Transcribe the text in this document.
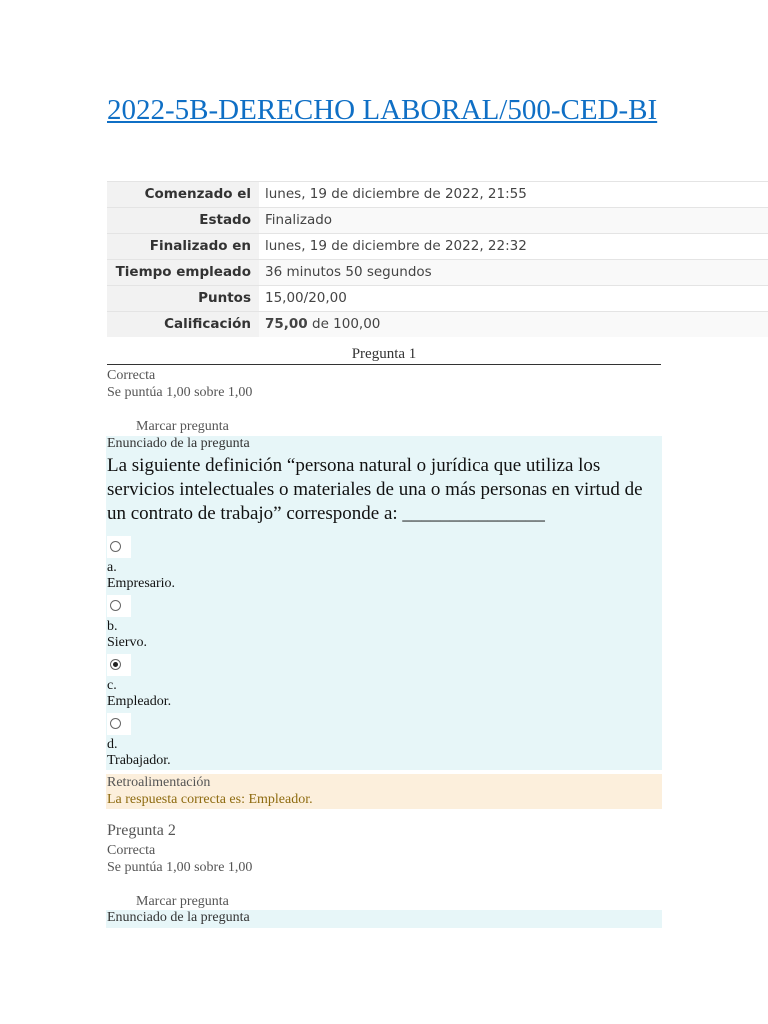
2022-5B-DERECHO LABORAL/500-CED-BI
Comenzado el	lunes, 19 de diciembre de 2022, 21:55
Estado	Finalizado
Finalizado en	lunes, 19 de diciembre de 2022, 22:32
Tiempo empleado	36 minutos 50 segundos
Puntos	15,00/20,00
Calificación	75,00 de 100,00
Pregunta 1
Correcta
Se puntúa 1,00 sobre 1,00
Marcar pregunta
Enunciado de la pregunta

La siguiente definición “persona natural o jurídica que utiliza los servicios intelectuales o materiales de una o más personas en virtud de un contrato de trabajo” corresponde a: _______________

a.
Empresario.
b.
Siervo.
c.
Empleador.
d.
Trabajador.
Retroalimentación
La respuesta correcta es: Empleador.
Pregunta 2
Correcta
Se puntúa 1,00 sobre 1,00
Marcar pregunta
Enunciado de la pregunta
